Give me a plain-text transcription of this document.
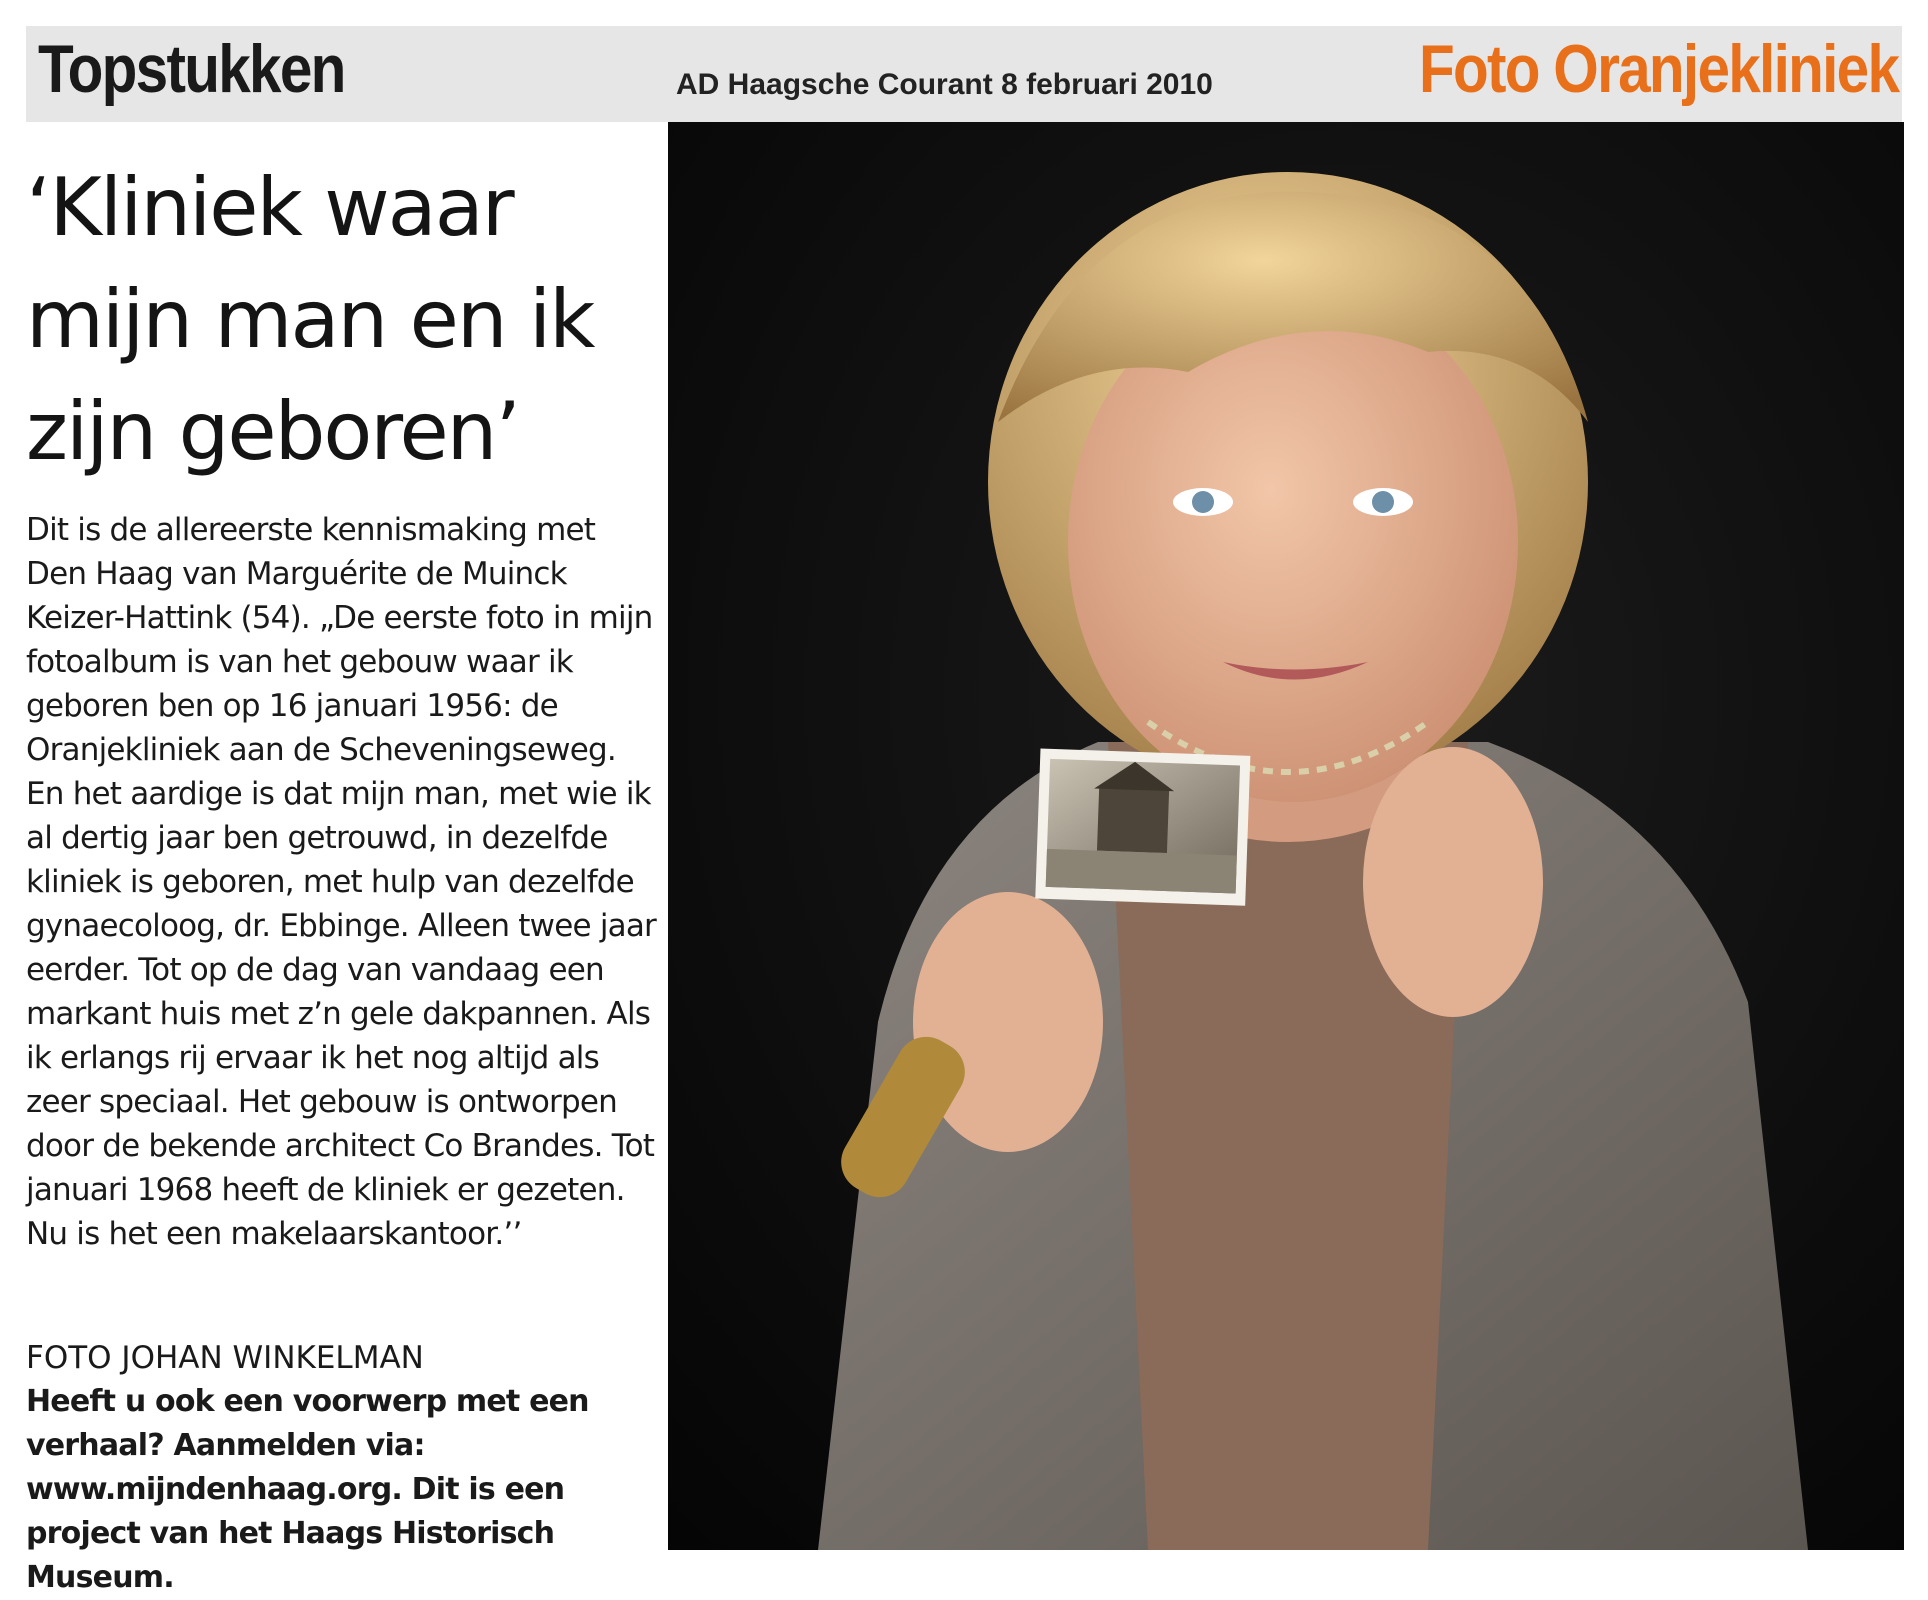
Topstukken	AD Haagsche Courant 8 februari 2010	Foto Oranjekliniek
‘Kliniek waar mijn man en ik zijn geboren’

Dit is de allereerste kennismaking met Den Haag van Marguérite de Muinck Keizer-Hattink (54). „De eerste foto in mijn fotoalbum is van het gebouw waar ik geboren ben op 16 januari 1956: de Oranjekliniek aan de Scheveningseweg. En het aardige is dat mijn man, met wie ik al dertig jaar ben getrouwd, in dezelfde kliniek is geboren, met hulp van dezelfde gynaecoloog, dr. Ebbinge. Alleen twee jaar eerder. Tot op de dag van vandaag een markant huis met z’n gele dakpannen. Als ik erlangs rij ervaar ik het nog altijd als zeer speciaal. Het gebouw is ontworpen door de bekende architect Co Brandes. Tot januari 1968 heeft de kliniek er gezeten. Nu is het een makelaarskantoor.’’

FOTO JOHAN WINKELMAN

Heeft u ook een voorwerp met een verhaal? Aanmelden via: www.mijndenhaag.org. Dit is een project van het Haags Historisch Museum.
